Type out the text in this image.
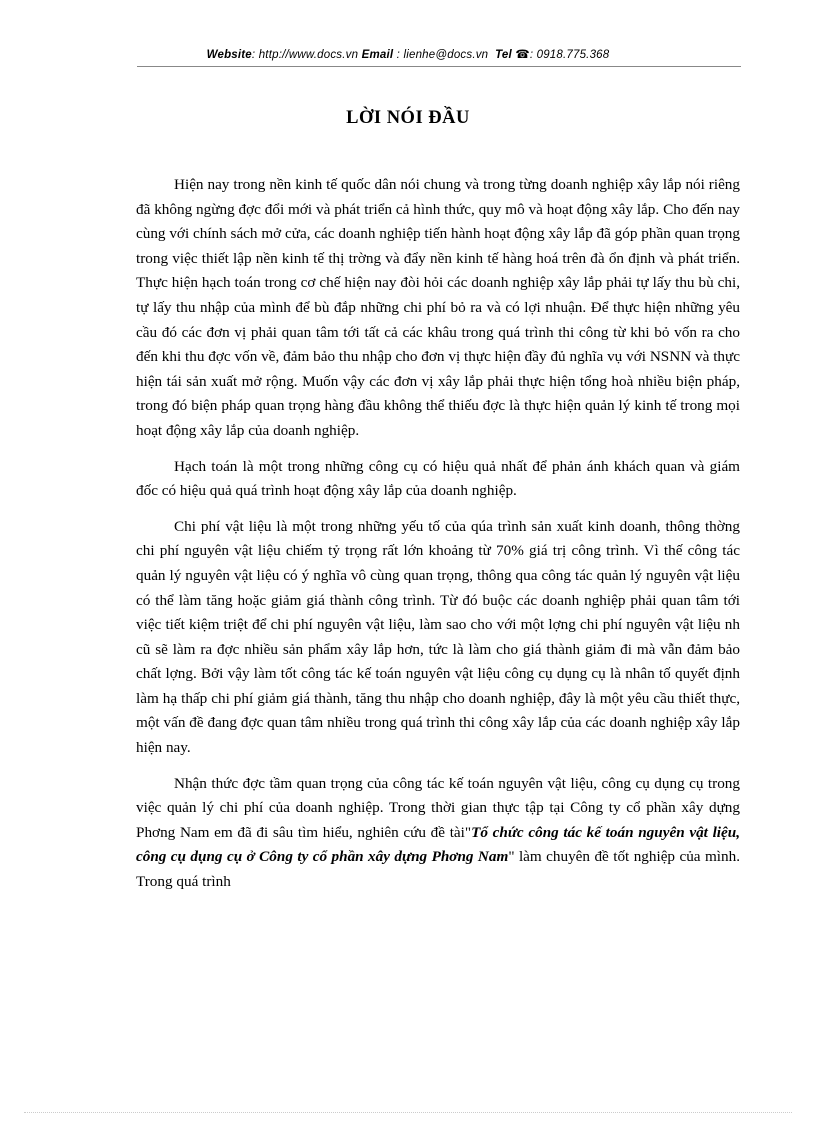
Website: http://www.docs.vn Email : lienhe@docs.vn Tel ☎: 0918.775.368
LỜI NÓI ĐẦU

Hiện nay trong nền kinh tế quốc dân nói chung và trong từng doanh nghiệp xây lắp nói riêng đã không ngừng đợc đổi mới và phát triển cả hình thức, quy mô và hoạt động xây lắp. Cho đến nay cùng với chính sách mở cửa, các doanh nghiệp tiến hành hoạt động xây lắp đã góp phần quan trọng trong việc thiết lập nền kinh tế thị trờng và đẩy nền kinh tế hàng hoá trên đà ổn định và phát triển. Thực hiện hạch toán trong cơ chế hiện nay đòi hỏi các doanh nghiệp xây lắp phải tự lấy thu bù chi, tự lấy thu nhập của mình để bù đắp những chi phí bỏ ra và có lợi nhuận. Để thực hiện những yêu cầu đó các đơn vị phải quan tâm tới tất cả các khâu trong quá trình thi công từ khi bỏ vốn ra cho đến khi thu đợc vốn về, đảm bảo thu nhập cho đơn vị thực hiện đầy đủ nghĩa vụ với NSNN và thực hiện tái sản xuất mở rộng. Muốn vậy các đơn vị xây lắp phải thực hiện tổng hoà nhiều biện pháp, trong đó biện pháp quan trọng hàng đầu không thể thiếu đợc là thực hiện quản lý kinh tế trong mọi hoạt động xây lắp của doanh nghiệp.

Hạch toán là một trong những công cụ có hiệu quả nhất để phản ánh khách quan và giám đốc có hiệu quả quá trình hoạt động xây lắp của doanh nghiệp.

Chi phí vật liệu là một trong những yếu tố của qúa trình sản xuất kinh doanh, thông thờng chi phí nguyên vật liệu chiếm tỷ trọng rất lớn khoảng từ 70% giá trị công trình. Vì thế công tác quản lý nguyên vật liệu có ý nghĩa vô cùng quan trọng, thông qua công tác quản lý nguyên vật liệu có thể làm tăng hoặc giảm giá thành công trình. Từ đó buộc các doanh nghiệp phải quan tâm tới việc tiết kiệm triệt để chi phí nguyên vật liệu, làm sao cho với một lợng chi phí nguyên vật liệu nh cũ sẽ làm ra đợc nhiều sản phẩm xây lắp hơn, tức là làm cho giá thành giảm đi mà vẫn đảm bảo chất lợng. Bởi vậy làm tốt công tác kế toán nguyên vật liệu công cụ dụng cụ là nhân tố quyết định làm hạ thấp chi phí giảm giá thành, tăng thu nhập cho doanh nghiệp, đây là một yêu cầu thiết thực, một vấn đề đang đợc quan tâm nhiều trong quá trình thi công xây lắp của các doanh nghiệp xây lắp hiện nay.

Nhận thức đợc tầm quan trọng của công tác kế toán nguyên vật liệu, công cụ dụng cụ trong việc quản lý chi phí của doanh nghiệp. Trong thời gian thực tập tại Công ty cổ phần xây dựng Phơng Nam em đã đi sâu tìm hiểu, nghiên cứu đề tài"Tổ chức công tác kế toán nguyên vật liệu, công cụ dụng cụ ở Công ty cổ phần xây dựng Phơng Nam" làm chuyên đề tốt nghiệp của mình. Trong quá trình
